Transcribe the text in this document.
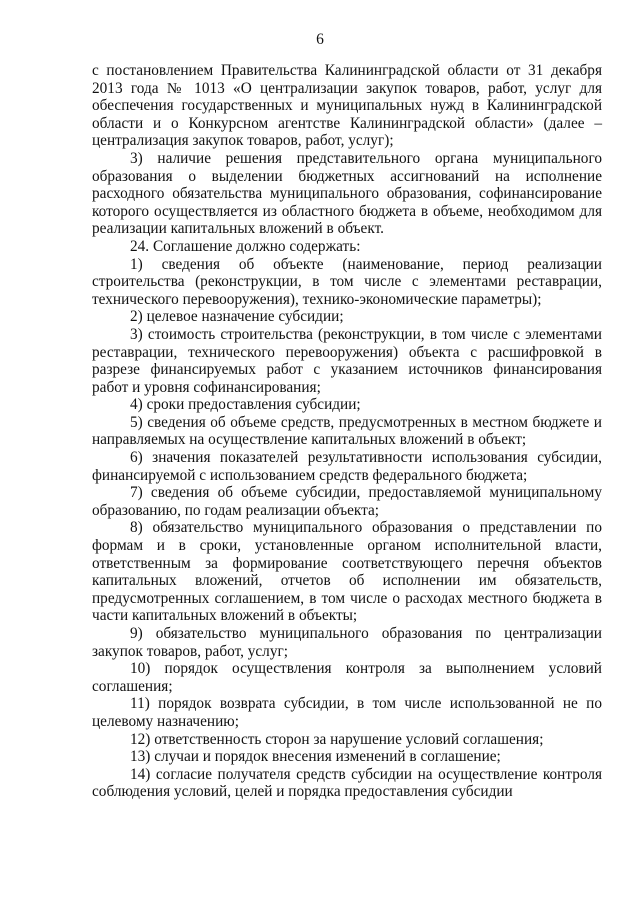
6

с постановлением Правительства Калининградской области от 31 декабря 2013 года № 1013 «О централизации закупок товаров, работ, услуг для обеспечения государственных и муниципальных нужд в Калининградской области и о Конкурсном агентстве Калининградской области» (далее – централизация закупок товаров, работ, услуг);

3) наличие решения представительного органа муниципального образования о выделении бюджетных ассигнований на исполнение расходного обязательства муниципального образования, софинансирование которого осуществляется из областного бюджета в объеме, необходимом для реализации капитальных вложений в объект.

24. Соглашение должно содержать:

1) сведения об объекте (наименование, период реализации строительства (реконструкции, в том числе с элементами реставрации, технического перевооружения), технико-экономические параметры);

2) целевое назначение субсидии;

3) стоимость строительства (реконструкции, в том числе с элементами реставрации, технического перевооружения) объекта с расшифровкой в разрезе финансируемых работ с указанием источников финансирования работ и уровня софинансирования;

4) сроки предоставления субсидии;

5) сведения об объеме средств, предусмотренных в местном бюджете и направляемых на осуществление капитальных вложений в объект;

6) значения показателей результативности использования субсидии, финансируемой с использованием средств федерального бюджета;

7) сведения об объеме субсидии, предоставляемой муниципальному образованию, по годам реализации объекта;

8) обязательство муниципального образования о представлении по формам и в сроки, установленные органом исполнительной власти, ответственным за формирование соответствующего перечня объектов капитальных вложений, отчетов об исполнении им обязательств, предусмотренных соглашением, в том числе о расходах местного бюджета в части капитальных вложений в объекты;

9) обязательство муниципального образования по централизации закупок товаров, работ, услуг;

10) порядок осуществления контроля за выполнением условий соглашения;

11) порядок возврата субсидии, в том числе использованной не по целевому назначению;

12) ответственность сторон за нарушение условий соглашения;

13) случаи и порядок внесения изменений в соглашение;

14) согласие получателя средств субсидии на осуществление контроля соблюдения условий, целей и порядка предоставления субсидии
